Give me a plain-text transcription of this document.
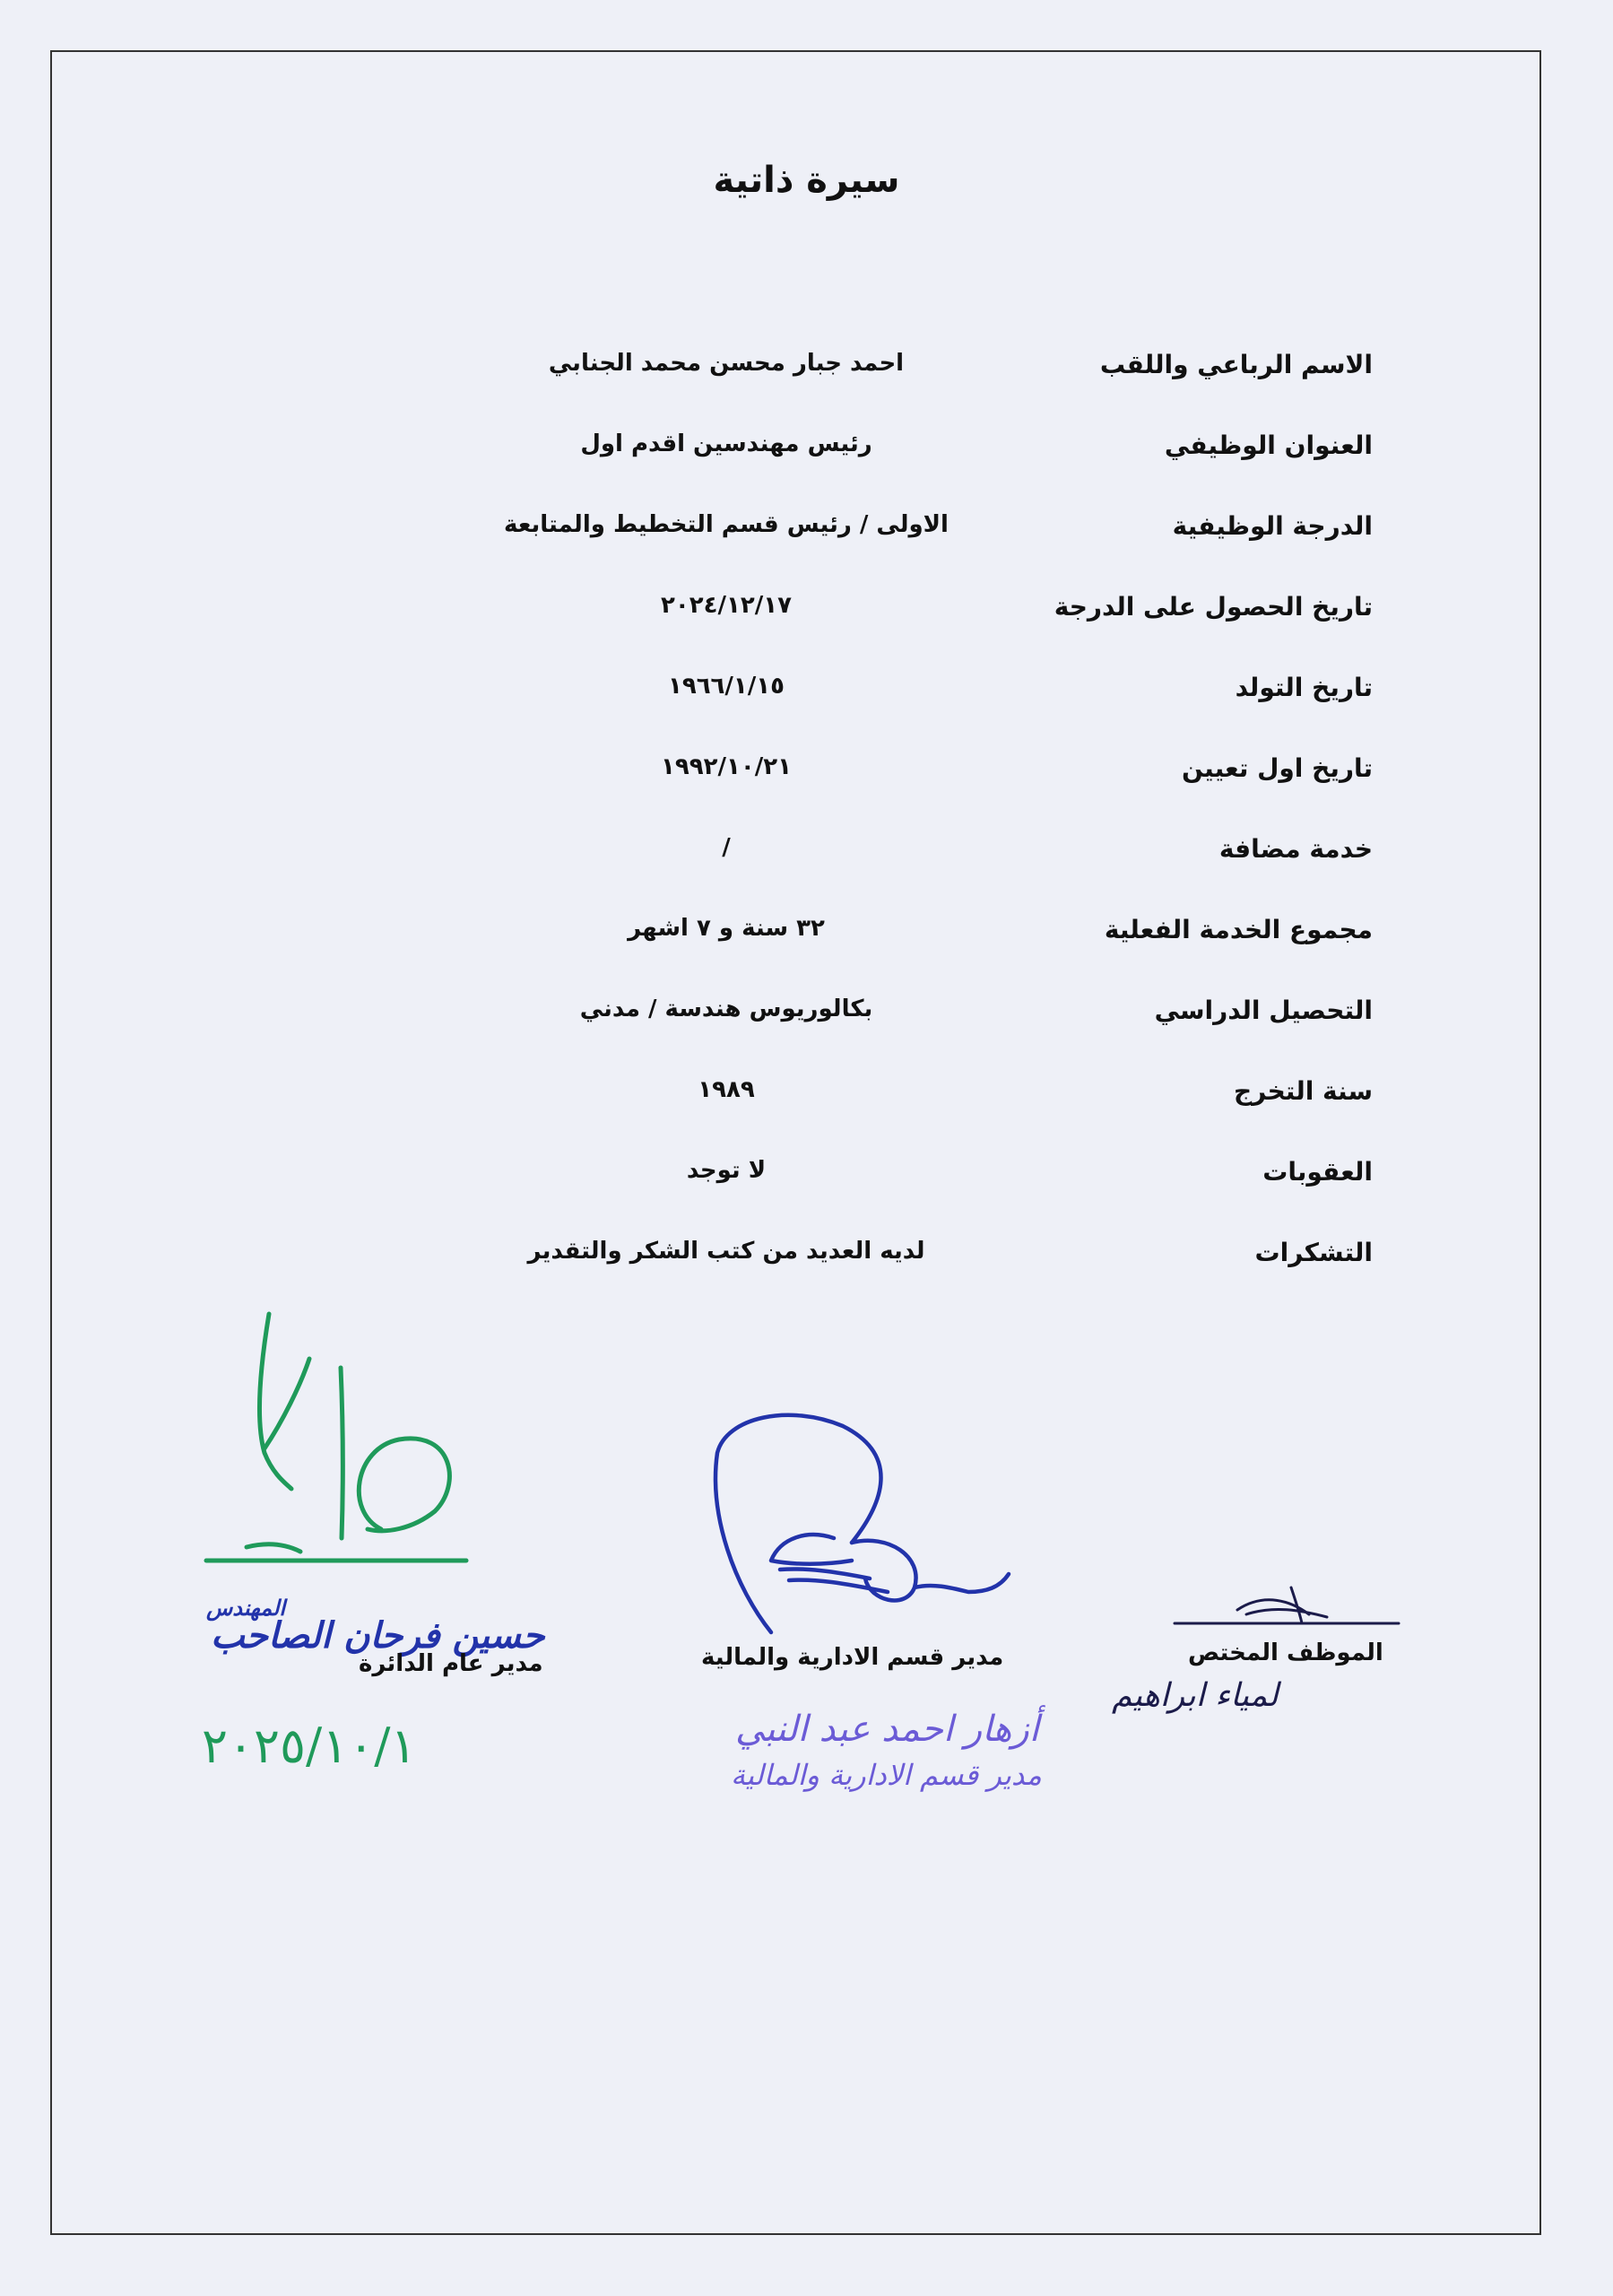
سيرة ذاتية
الاسم الرباعي واللقب
احمد جبار محسن محمد الجنابي
العنوان الوظيفي
رئيس مهندسين اقدم اول
الدرجة الوظيفية
الاولى / رئيس قسم التخطيط والمتابعة
تاريخ الحصول على الدرجة
٢٠٢٤/١٢/١٧
تاريخ التولد
١٩٦٦/١/١٥
تاريخ اول تعيين
١٩٩٢/١٠/٢١
خدمة مضافة
/
مجموع الخدمة الفعلية
٣٢ سنة و ٧ اشهر
التحصيل الدراسي
بكالوريوس هندسة / مدني
سنة التخرج
١٩٨٩
العقوبات
لا توجد
التشكرات
لديه العديد من كتب الشكر والتقدير
المهندس
حسين فرحان الصاحب
مدير عام الدائرة
٢٠٢٥/١٠/١
مدير قسم الادارية والمالية
أزهار احمد عبد النبي
مدير قسم الادارية والمالية
الموظف المختص
لمياء ابراهيم
